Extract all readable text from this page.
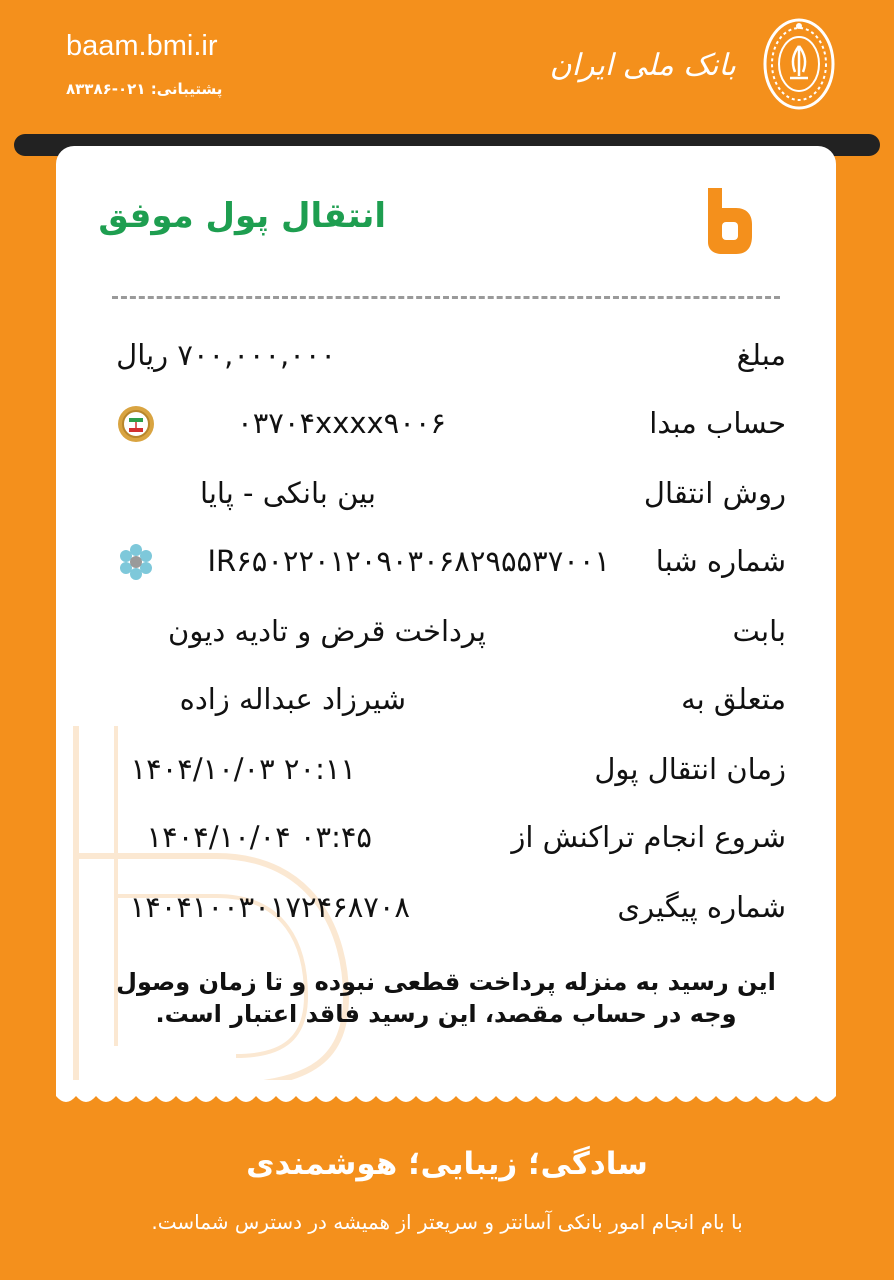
baam.bmi.ir
پشتیبانی: ۰۲۱-۸۳۳۸۶
بانک ملی ایران
انتقال پول موفق
مبلغ
۷۰۰,۰۰۰,۰۰۰ ریال
حساب مبدا
۰۳۷۰۴xxxx۹۰۰۶
روش انتقال
بین بانکی - پایا
شماره شبا
IR۶۵۰۲۲۰۱۲۰۹۰۳۰۶۸۲۹۵۵۳۷۰۰۱
بابت
پرداخت قرض و تادیه دیون
متعلق به
شیرزاد عبداله زاده
زمان انتقال پول
۱۴۰۴/۱۰/۰۳ ۲۰:۱۱
شروع انجام تراکنش از
۱۴۰۴/۱۰/۰۴ ۰۳:۴۵
شماره پیگیری
۱۴۰۴۱۰۰۳۰۱۷۲۴۶۸۷۰۸
این رسید به منزله پرداخت قطعی نبوده و تا زمان وصول وجه در حساب مقصد، این رسید فاقد اعتبار است.
سادگی؛ زیبایی؛ هوشمندی
با بام انجام امور بانکی آسانتر و سریعتر از همیشه در دسترس شماست.
